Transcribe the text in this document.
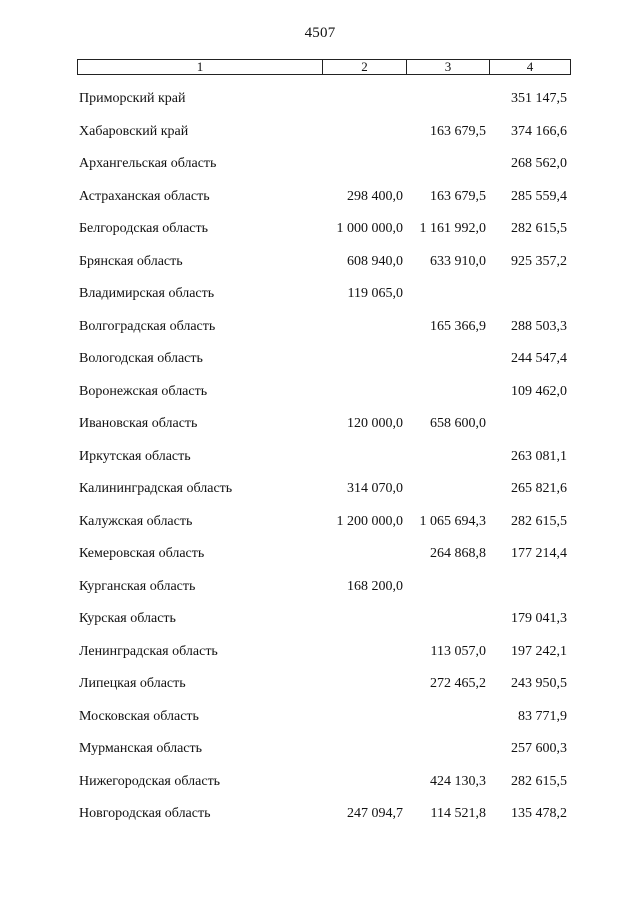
4507
1	2	3	4
Приморский край			351 147,5
Хабаровский край		163 679,5	374 166,6
Архангельская область			268 562,0
Астраханская область	298 400,0	163 679,5	285 559,4
Белгородская область	1 000 000,0	1 161 992,0	282 615,5
Брянская область	608 940,0	633 910,0	925 357,2
Владимирская область	119 065,0		
Волгоградская область		165 366,9	288 503,3
Вологодская область			244 547,4
Воронежская область			109 462,0
Ивановская область	120 000,0	658 600,0	
Иркутская область			263 081,1
Калининградская область	314 070,0		265 821,6
Калужская область	1 200 000,0	1 065 694,3	282 615,5
Кемеровская область		264 868,8	177 214,4
Курганская область	168 200,0		
Курская область			179 041,3
Ленинградская область		113 057,0	197 242,1
Липецкая область		272 465,2	243 950,5
Московская область			83 771,9
Мурманская область			257 600,3
Нижегородская область		424 130,3	282 615,5
Новгородская область	247 094,7	114 521,8	135 478,2
